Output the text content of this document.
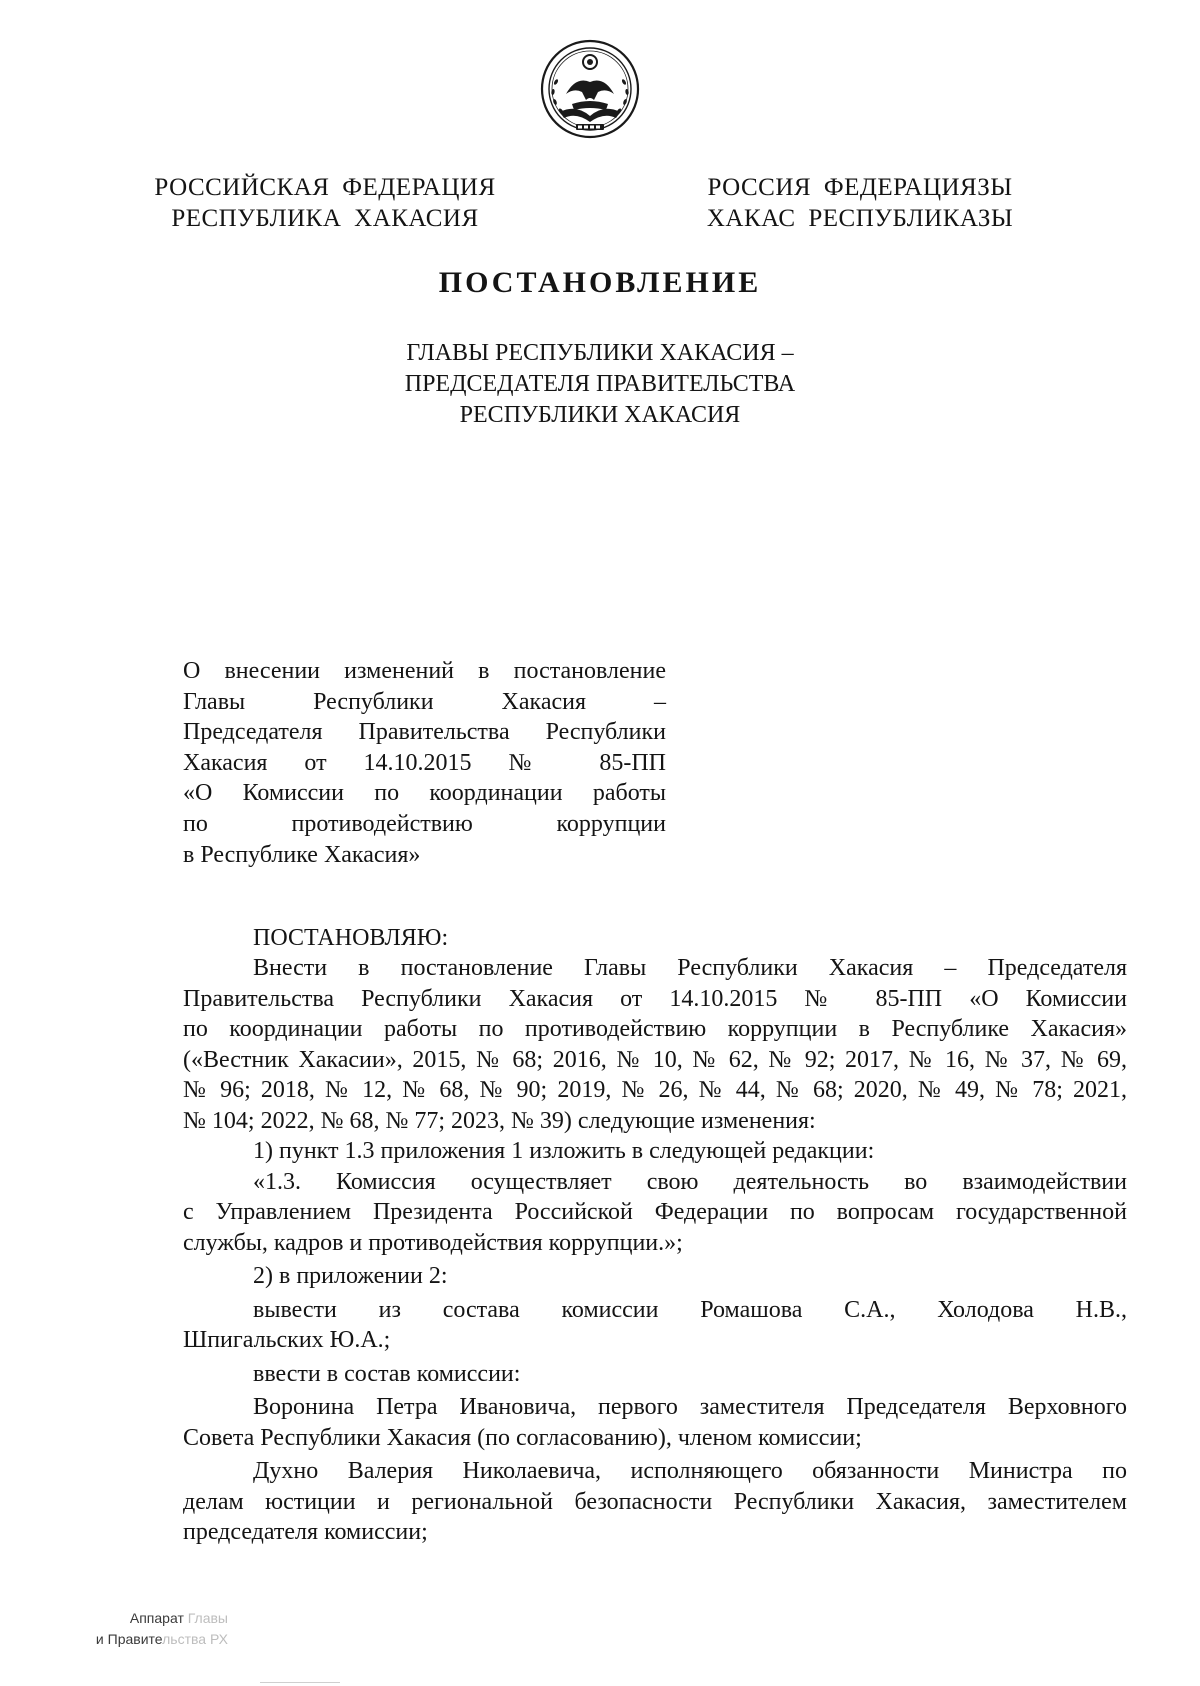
РОССИЙСКАЯ ФЕДЕРАЦИЯ
РЕСПУБЛИКА ХАКАСИЯ
РОССИЯ ФЕДЕРАЦИЯЗЫ
ХАКАС РЕСПУБЛИКАЗЫ
ПОСТАНОВЛЕНИЕ
ГЛАВЫ РЕСПУБЛИКИ ХАКАСИЯ –
ПРЕДСЕДАТЕЛЯ ПРАВИТЕЛЬСТВА
РЕСПУБЛИКИ ХАКАСИЯ
О внесении изменений в постановление
Главы Республики Хакасия –
Председателя Правительства Республики
Хакасия от 14.10.2015 № 85-ПП
«О Комиссии по координации работы
по противодействию коррупции
в Республике Хакасия»
ПОСТАНОВЛЯЮ:
Внести в постановление Главы Республики Хакасия – Председателя
Правительства Республики Хакасия от 14.10.2015 № 85-ПП «О Комиссии
по координации работы по противодействию коррупции в Республике Хакасия»
(«Вестник Хакасии», 2015, № 68; 2016, № 10, № 62, № 92; 2017, № 16, № 37, № 69,
№ 96; 2018, № 12, № 68, № 90; 2019, № 26, № 44, № 68; 2020, № 49, № 78; 2021,
№ 104; 2022, № 68, № 77; 2023, № 39) следующие изменения:
1) пункт 1.3 приложения 1 изложить в следующей редакции:
«1.3. Комиссия осуществляет свою деятельность во взаимодействии
с Управлением Президента Российской Федерации по вопросам государственной
службы, кадров и противодействия коррупции.»;
2) в приложении 2:
вывести из состава комиссии Ромашова С.А., Холодова Н.В.,
Шпигальских Ю.А.;
ввести в состав комиссии:
Воронина Петра Ивановича, первого заместителя Председателя Верховного
Совета Республики Хакасия (по согласованию), членом комиссии;
Духно Валерия Николаевича, исполняющего обязанности Министра по
делам юстиции и региональной безопасности Республики Хакасия, заместителем
председателя комиссии;
Аппарат Главы
и Правительства РХ
